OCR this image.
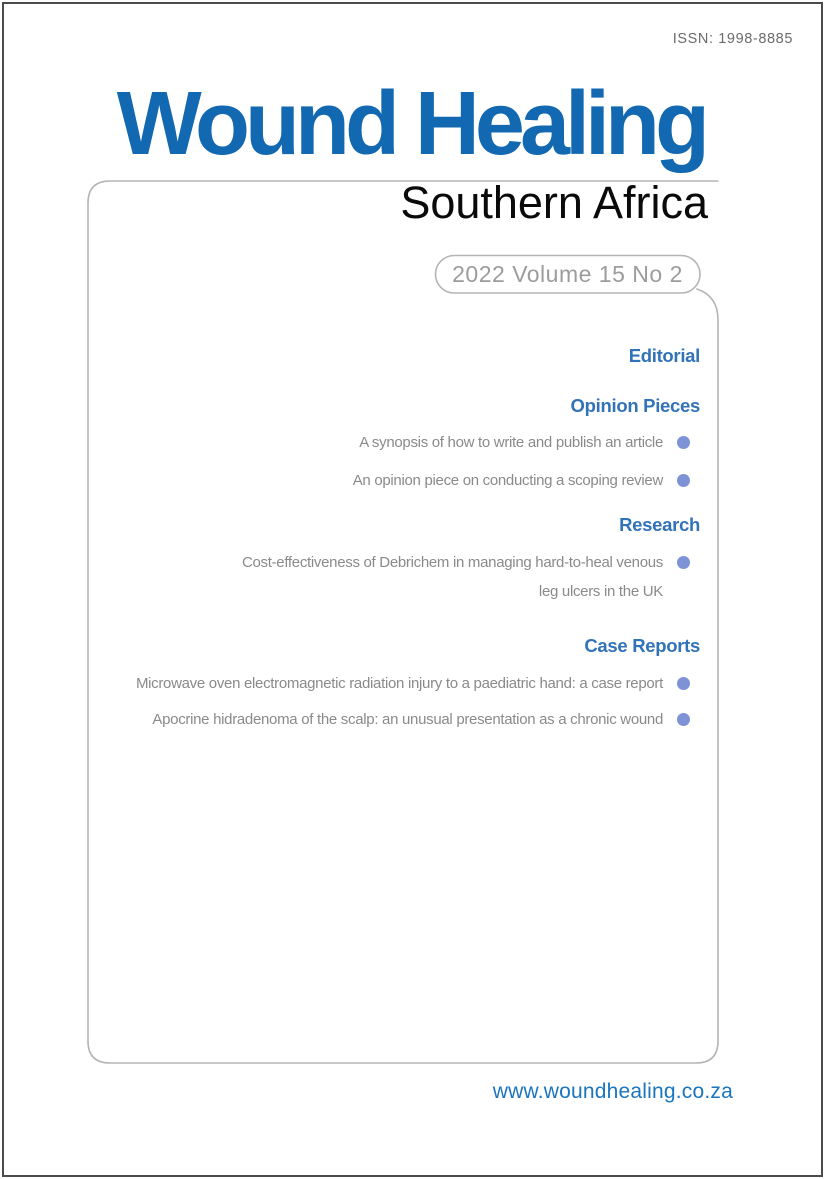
ISSN: 1998-8885
Wound Healing
Southern Africa
2022 Volume 15 No 2
Editorial
Opinion Pieces
A synopsis of how to write and publish an article
An opinion piece on conducting a scoping review
Research
Cost-effectiveness of Debrichem in managing hard-to-heal venous
leg ulcers in the UK
Case Reports
Microwave oven electromagnetic radiation injury to a paediatric hand: a case report
Apocrine hidradenoma of the scalp: an unusual presentation as a chronic wound
www.woundhealing.co.za
